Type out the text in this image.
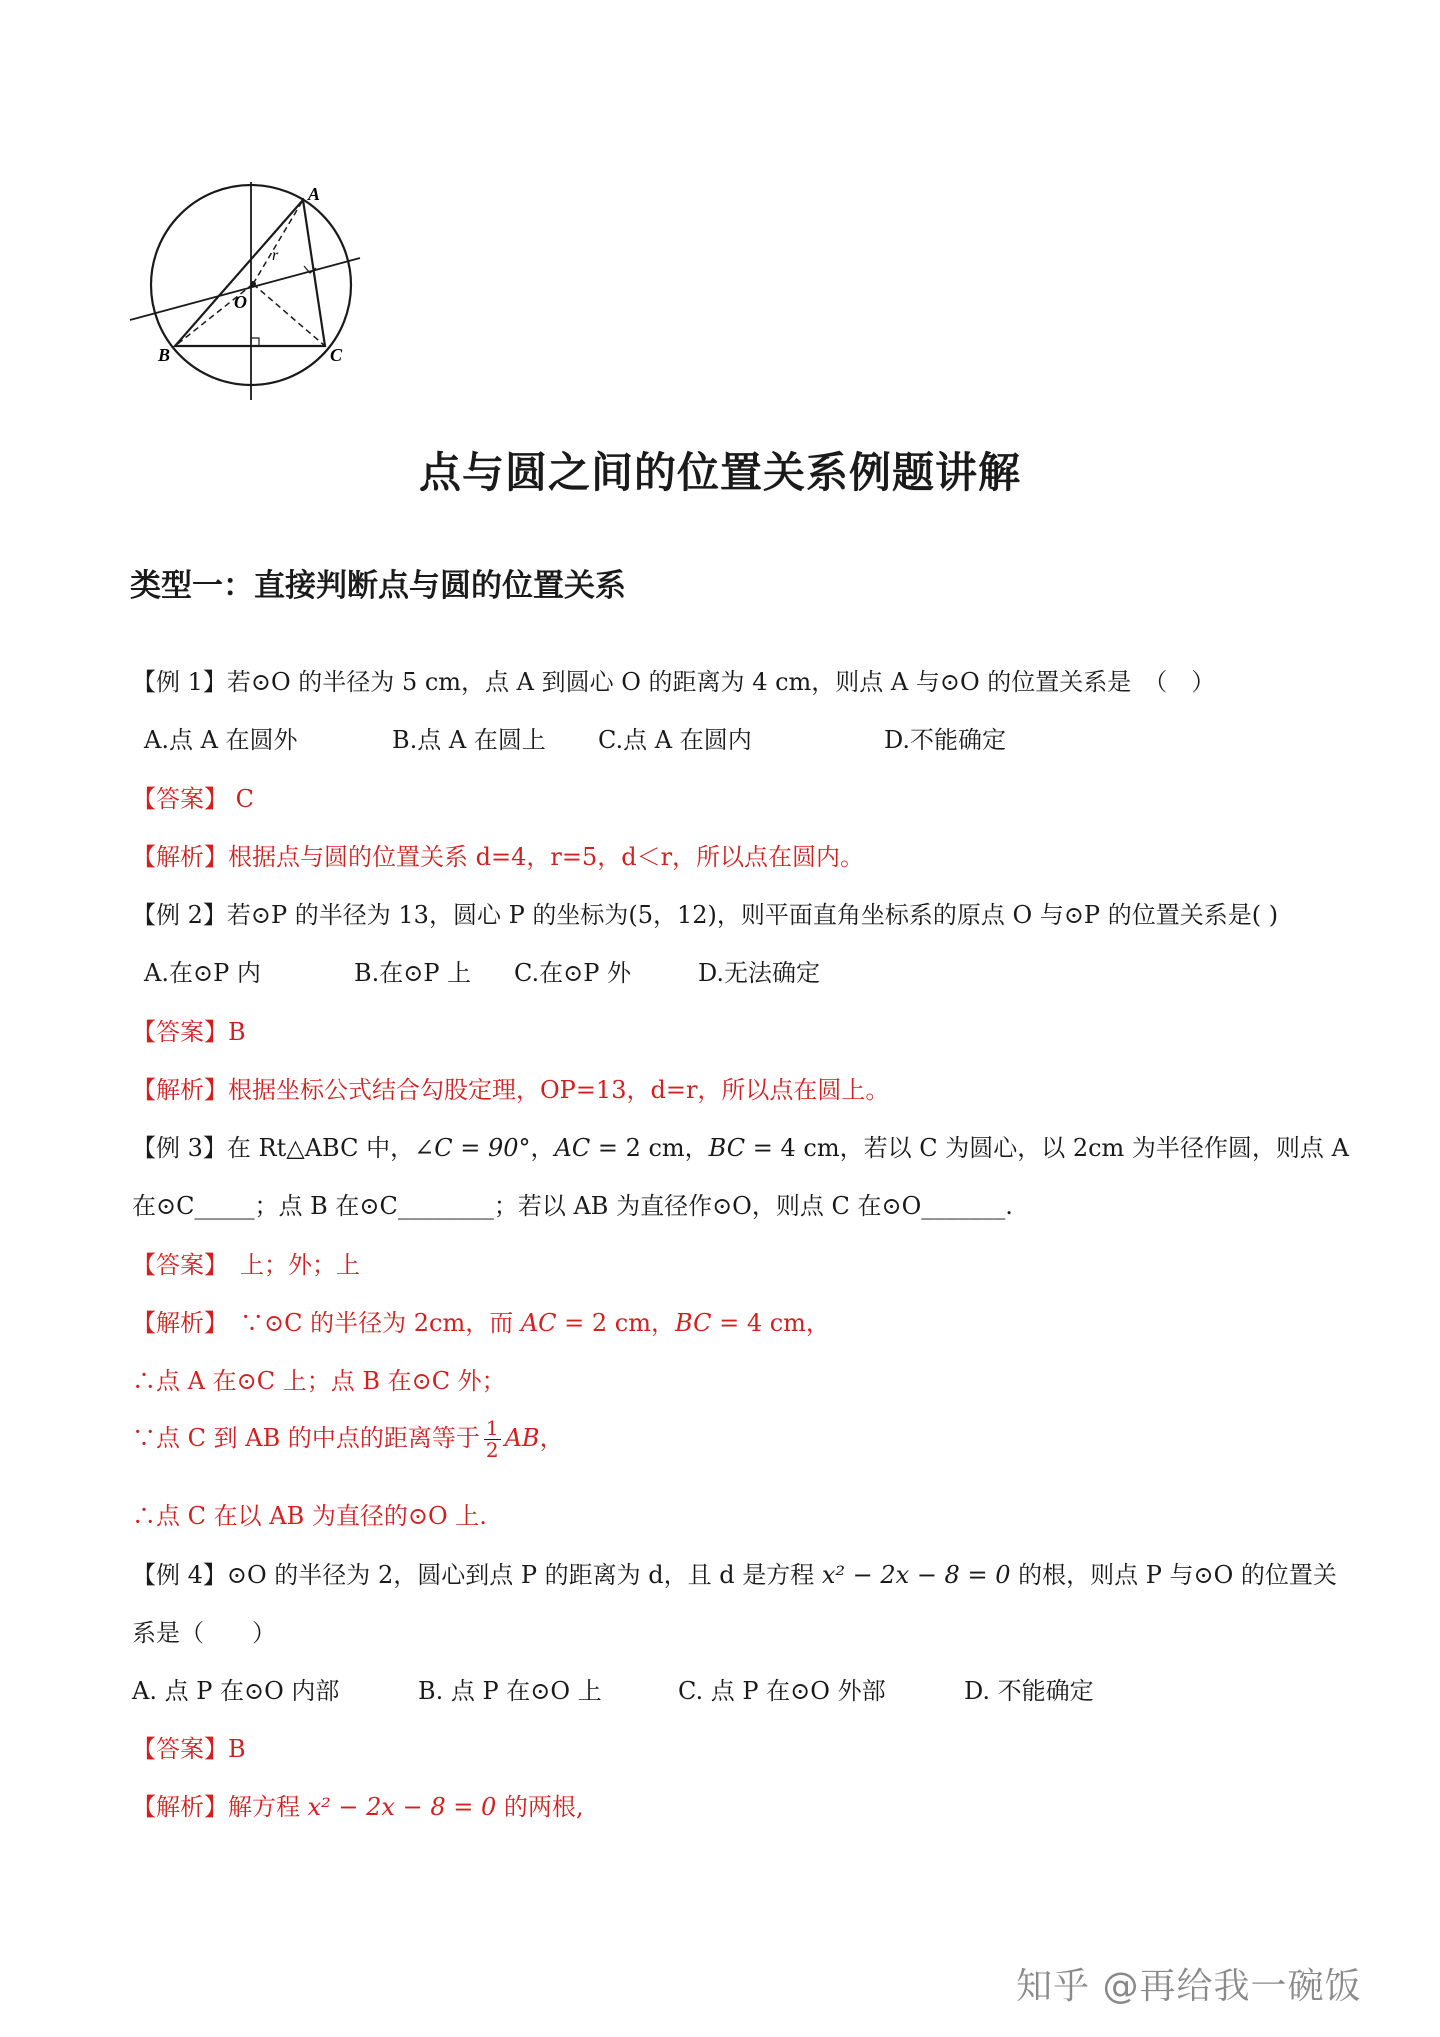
A
r
O
B	C
点与圆之间的位置关系例题讲解
类型一：直接判断点与圆的位置关系
【例 1】若⊙O 的半径为 5 cm，点 A 到圆心 O 的距离为 4 cm，则点 A 与⊙O 的位置关系是　（　）
A.点 A 在圆外	B.点 A 在圆上 C.点 A 在圆内	D.不能确定
【答案】 C
【解析】根据点与圆的位置关系 d=4，r=5，d＜r，所以点在圆内。
【例 2】若⊙P 的半径为 13，圆心 P 的坐标为(5，12)，则平面直角坐标系的原点 O 与⊙P 的位置关系是( )
A.在⊙P 内	B.在⊙P 上 C.在⊙P 外	D.无法确定
【答案】B
【解析】根据坐标公式结合勾股定理，OP=13，d=r，所以点在圆上。
【例 3】在 Rt△ABC 中，∠C = 90°，AC = 2 cm，BC = 4 cm，若以 C 为圆心，以 2cm 为半径作圆，则点 A
在⊙C_____；点 B 在⊙C________；若以 AB 为直径作⊙O，则点 C 在⊙O_______.
【答案】　上；外；上
【解析】　∵⊙C 的半径为 2cm，而 AC = 2 cm，BC = 4 cm，
∴点 A 在⊙C 上；点 B 在⊙C 外；
∵点 C 到 AB 的中点的距离等于 $\frac{1}{2}$ AB，
∴点 C 在以 AB 为直径的⊙O 上.
【例 4】⊙O 的半径为 2，圆心到点 P 的距离为 d，且 d 是方程 x² − 2x − 8 = 0 的根，则点 P 与⊙O 的位置关
系是（　　）
A. 点 P 在⊙O 内部	B. 点 P 在⊙O 上	C. 点 P 在⊙O 外部	D. 不能确定
【答案】B
【解析】解方程 x² − 2x − 8 = 0 的两根,
知乎 @再给我一碗饭
